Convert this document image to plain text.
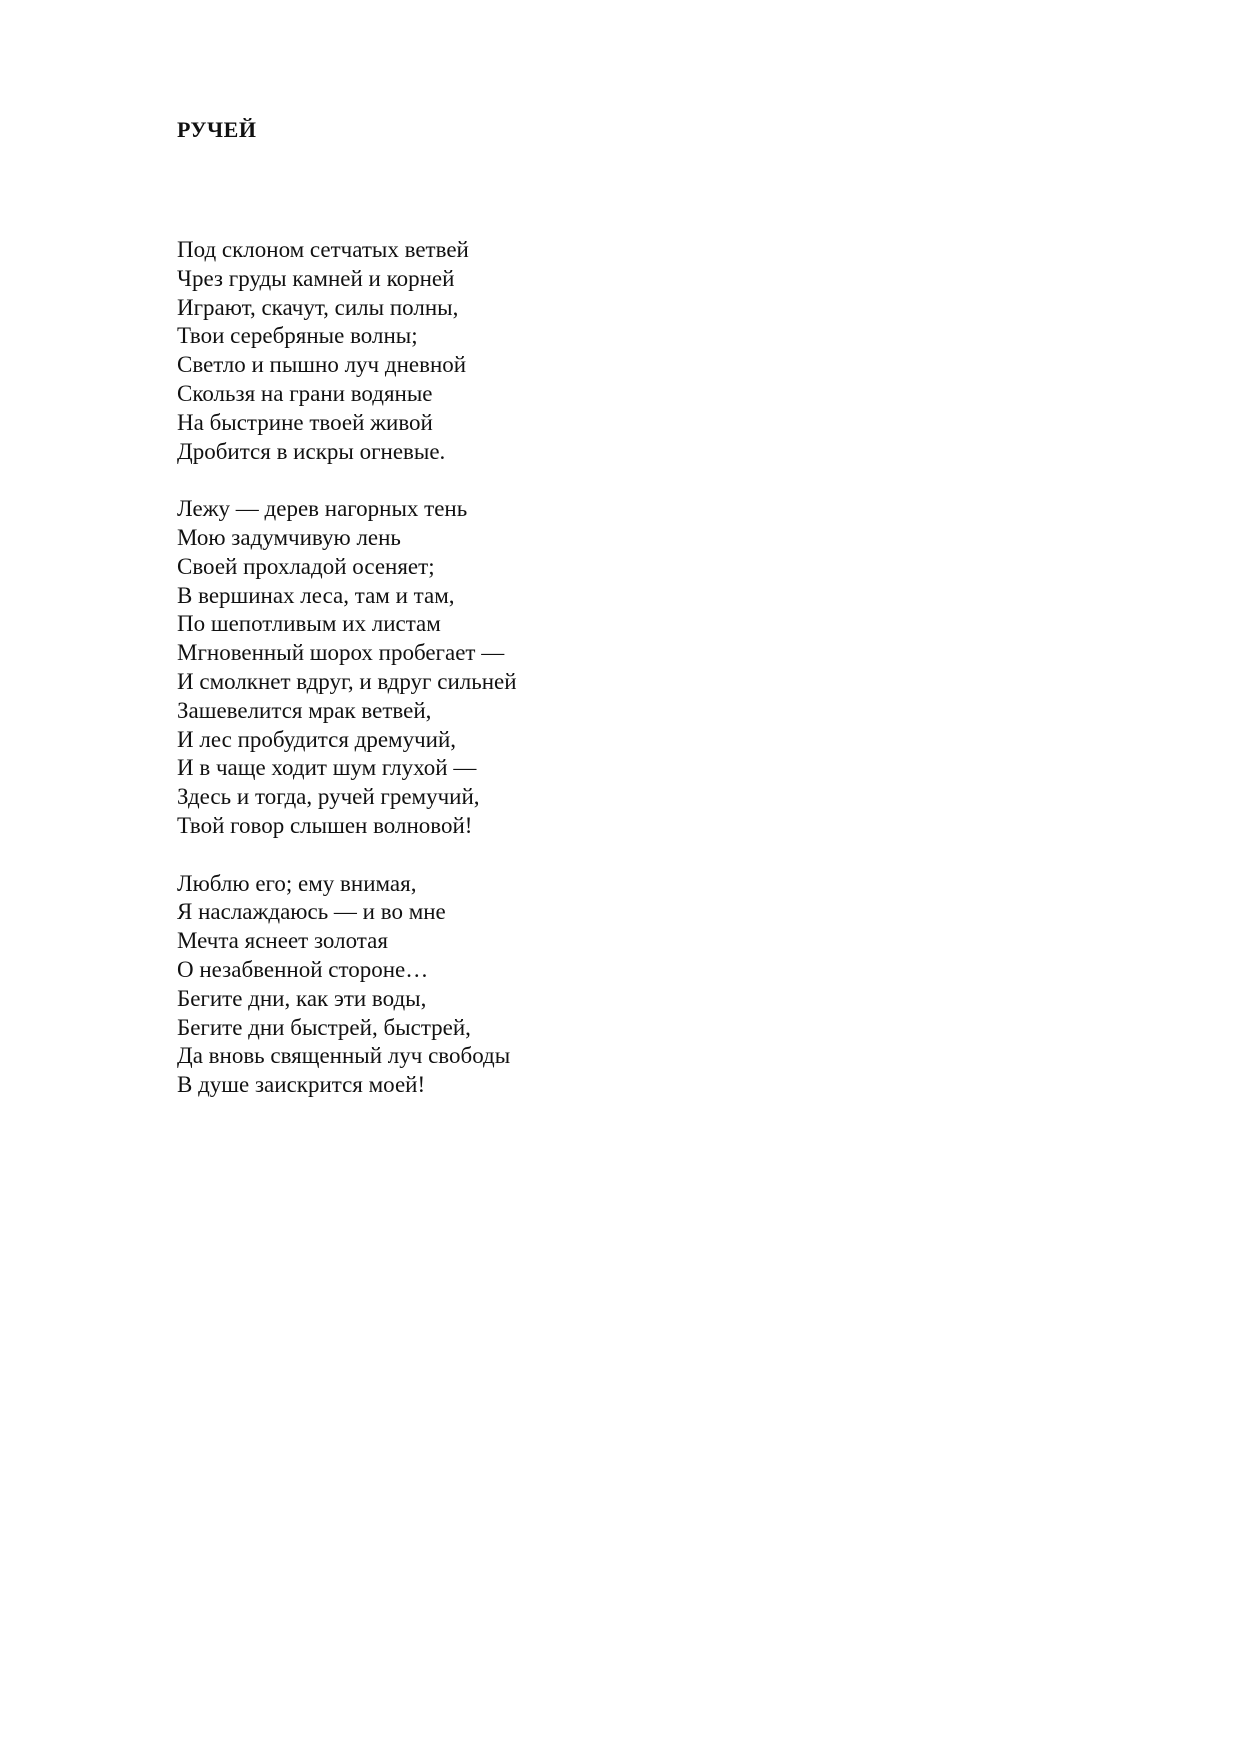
РУЧЕЙ
Под склоном сетчатых ветвей
Чрез груды камней и корней
Играют, скачут, силы полны,
Твои серебряные волны;
Светло и пышно луч дневной
Скользя на грани водяные
На быстрине твоей живой
Дробится в искры огневые.
Лежу — дерев нагорных тень
Мою задумчивую лень
Своей прохладой осеняет;
В вершинах леса, там и там,
По шепотливым их листам
Мгновенный шорох пробегает —
И смолкнет вдруг, и вдруг сильней
Зашевелится мрак ветвей,
И лес пробудится дремучий,
И в чаще ходит шум глухой —
Здесь и тогда, ручей гремучий,
Твой говор слышен волновой!
Люблю его; ему внимая,
Я наслаждаюсь — и во мне
Мечта яснеет золотая
О незабвенной стороне…
Бегите дни, как эти воды,
Бегите дни быстрей, быстрей,
Да вновь священный луч свободы
В душе заискрится моей!
